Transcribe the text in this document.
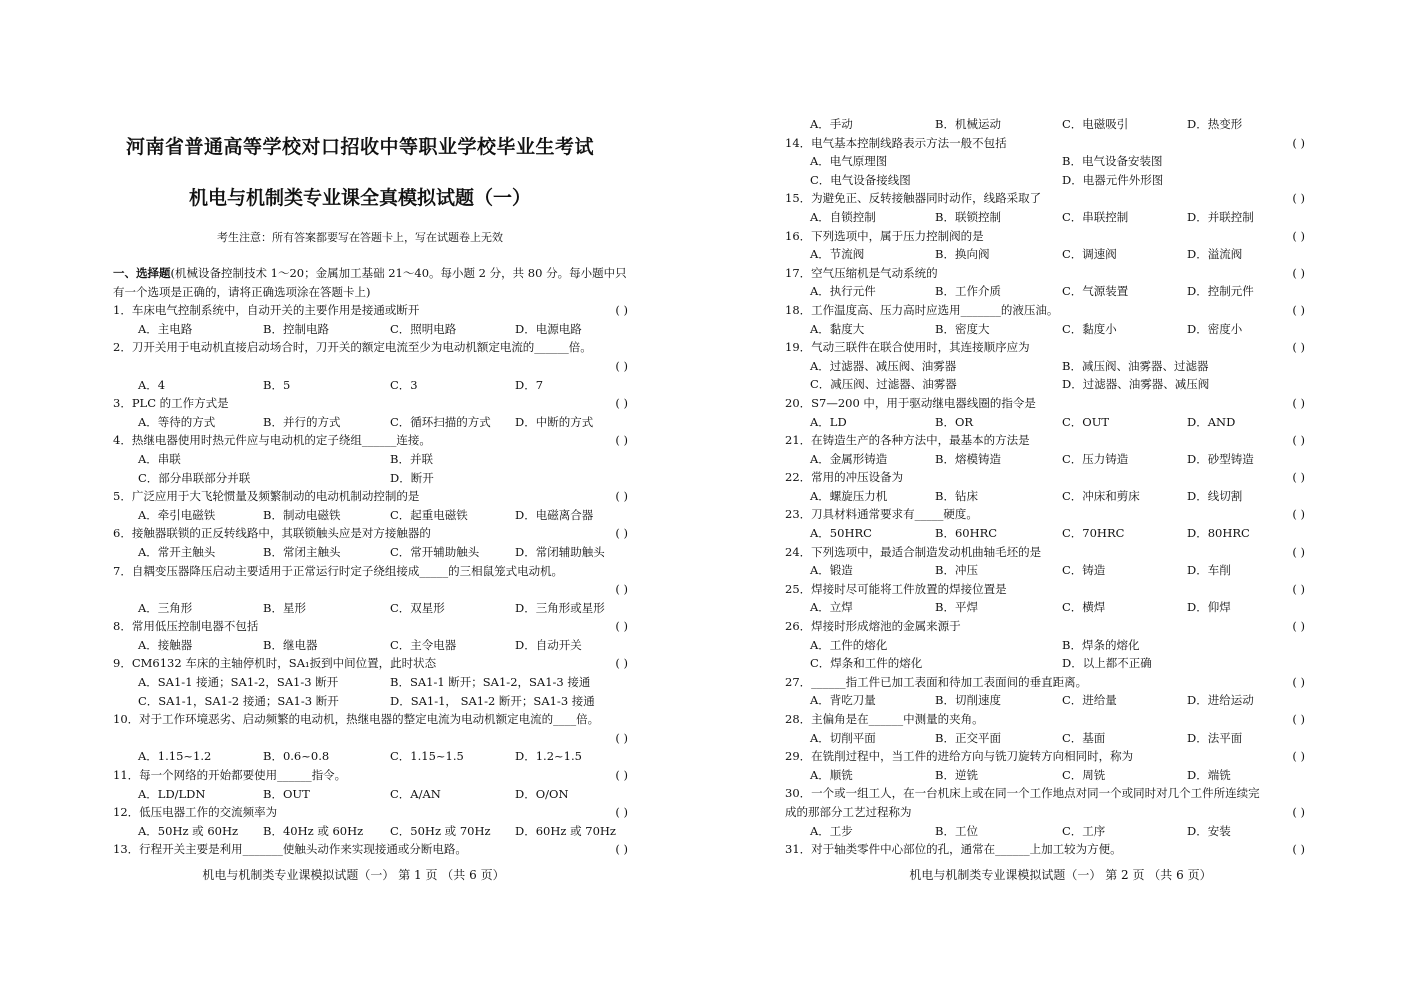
河南省普通高等学校对口招收中等职业学校毕业生考试
机电与机制类专业课全真模拟试题（一）
考生注意：所有答案都要写在答题卡上，写在试题卷上无效
一、选择题(机械设备控制技术 1～20；金属加工基础 21～40。每小题 2 分，共 80 分。每小题中只有一个选项是正确的，请将正确选项涂在答题卡上)
1．车床电气控制系统中，自动开关的主要作用是接通或断开	( )
A．主电路	B．控制电路	C．照明电路	D．电源电路
2．刀开关用于电动机直接启动场合时，刀开关的额定电流至少为电动机额定电流的______倍。
( )
A．4	B．5	C．3	D．7
3．PLC 的工作方式是	( )
A．等待的方式	B．并行的方式	C．循环扫描的方式 D．中断的方式
4．热继电器使用时热元件应与电动机的定子绕组______连接。	( )
A．串联	B．并联
C．部分串联部分并联	D．断开
5．广泛应用于大飞轮惯量及频繁制动的电动机制动控制的是	( )
A．牵引电磁铁	B．制动电磁铁	C．起重电磁铁	D．电磁离合器
6．接触器联锁的正反转线路中，其联锁触头应是对方接触器的	( )
A．常开主触头	B．常闭主触头	C．常开辅助触头	D．常闭辅助触头
7．自耦变压器降压启动主要适用于正常运行时定子绕组接成_____的三相鼠笼式电动机。
( )
A．三角形	B．星形	C．双星形	D．三角形或星形
8．常用低压控制电器不包括	( )
A．接触器	B．继电器	C．主令电器	D．自动开关
9．CM6132 车床的主轴停机时，SA₁扳到中间位置，此时状态	( )
A．SA1-1 接通；SA1-2，SA1-3 断开	B．SA1-1 断开；SA1-2，SA1-3 接通
C．SA1-1，SA1-2 接通；SA1-3 断开	D．SA1-1， SA1-2 断开；SA1-3 接通
10．对于工作环境恶劣、启动频繁的电动机，热继电器的整定电流为电动机额定电流的____倍。
( )
A．1.15~1.2	B．0.6~0.8	C．1.15~1.5	D．1.2~1.5
11．每一个网络的开始都要使用______指令。	( )
A．LD/LDN	B．OUT	C．A/AN	D．O/ON
12．低压电器工作的交流频率为	( )
A．50Hz 或 60Hz B．40Hz 或 60Hz C．50Hz 或 70Hz D．60Hz 或 70Hz
13．行程开关主要是利用_______使触头动作来实现接通或分断电路。	( )
机电与机制类专业课模拟试题（一） 第 1 页 （共 6 页）
A．手动	B．机械运动	C．电磁吸引	D．热变形
14．电气基本控制线路表示方法一般不包括	( )
A．电气原理图	B．电气设备安装图
C．电气设备接线图	D．电器元件外形图
15．为避免正、反转接触器同时动作，线路采取了	( )
A．自锁控制	B．联锁控制	C．串联控制	D．并联控制
16．下列选项中，属于压力控制阀的是	( )
A．节流阀	B．换向阀	C．调速阀	D．溢流阀
17．空气压缩机是气动系统的	( )
A．执行元件	B．工作介质	C．气源装置	D．控制元件
18．工作温度高、压力高时应选用_______的液压油。	( )
A．黏度大	B．密度大	C．黏度小	D．密度小
19．气动三联件在联合使用时，其连接顺序应为	( )
A．过滤器、减压阀、油雾器	B．减压阀、油雾器、过滤器
C．减压阀、过滤器、油雾器	D．过滤器、油雾器、减压阀
20．S7—200 中，用于驱动继电器线圈的指令是	( )
A．LD	B．OR	C．OUT	D．AND
21．在铸造生产的各种方法中，最基本的方法是	( )
A．金属形铸造	B．熔模铸造	C．压力铸造	D．砂型铸造
22．常用的冲压设备为	( )
A．螺旋压力机	B．钻床	C．冲床和剪床	D．线切割
23．刀具材料通常要求有_____硬度。	( )
A．50HRC	B．60HRC	C．70HRC	D．80HRC
24．下列选项中，最适合制造发动机曲轴毛坯的是	( )
A．锻造	B．冲压	C．铸造	D．车削
25．焊接时尽可能将工件放置的焊接位置是	( )
A．立焊	B．平焊	C．横焊	D．仰焊
26．焊接时形成熔池的金属来源于	( )
A．工件的熔化	B．焊条的熔化
C．焊条和工件的熔化	D．以上都不正确
27．______指工件已加工表面和待加工表面间的垂直距离。	( )
A．背吃刀量	B．切削速度	C．进给量	D．进给运动
28．主偏角是在______中测量的夹角。	( )
A．切削平面	B．正交平面	C．基面	D．法平面
29．在铣削过程中，当工件的进给方向与铣刀旋转方向相同时，称为	( )
A．顺铣	B．逆铣	C．周铣	D．端铣
30．一个或一组工人，在一台机床上或在同一个工作地点对同一个或同时对几个工件所连续完
成的那部分工艺过程称为	( )
A．工步	B．工位	C．工序	D．安装
31．对于轴类零件中心部位的孔，通常在______上加工较为方便。	( )
机电与机制类专业课模拟试题（一） 第 2 页 （共 6 页）
